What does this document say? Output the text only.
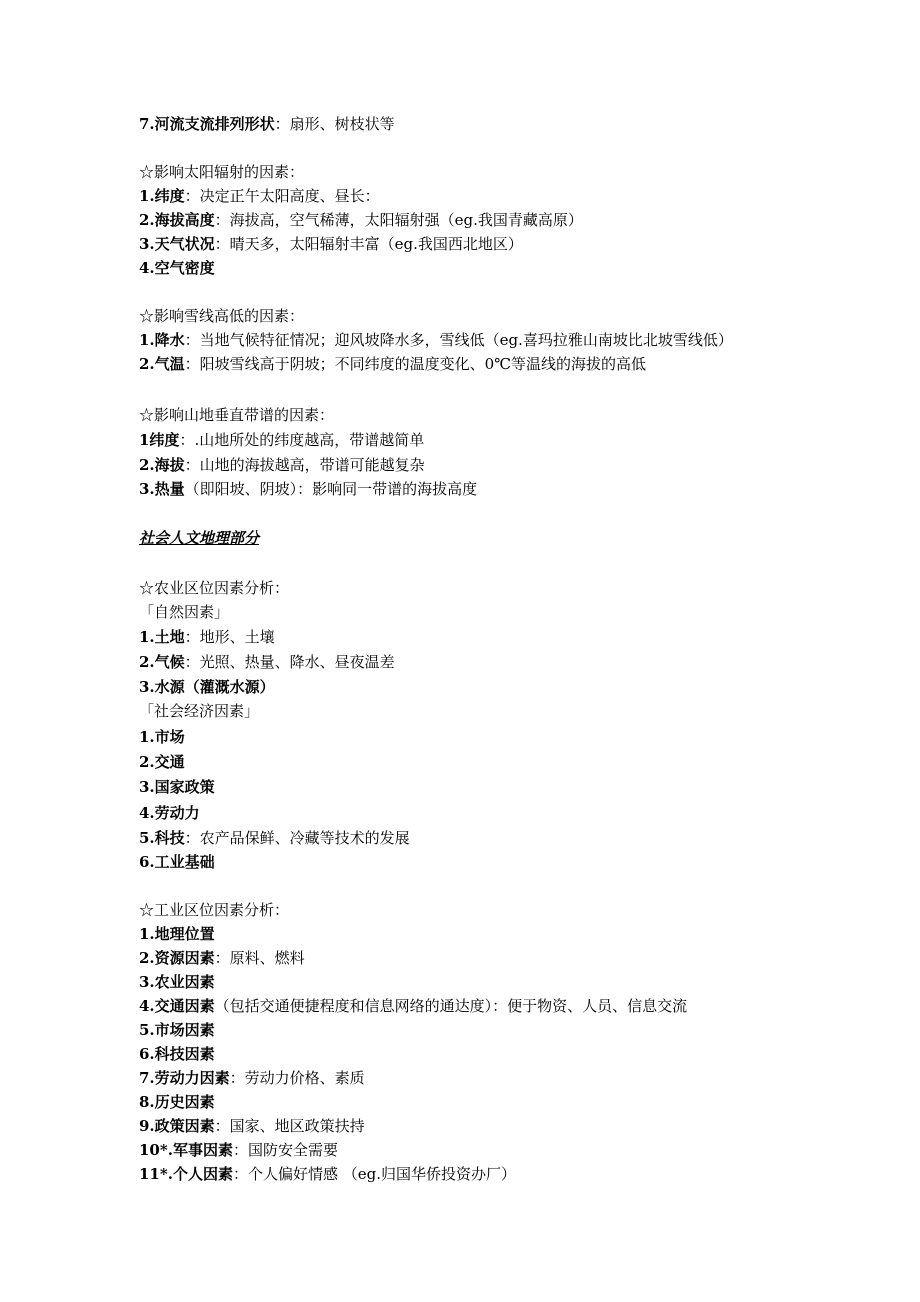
7.河流支流排列形状：扇形、树枝状等
☆影响太阳辐射的因素：
1.纬度：决定正午太阳高度、昼长：
2.海拔高度：海拔高，空气稀薄，太阳辐射强（eg.我国青藏高原）
3.天气状况：晴天多，太阳辐射丰富（eg.我国西北地区）
4.空气密度
☆影响雪线高低的因素：
1.降水：当地气候特征情况；迎风坡降水多，雪线低（eg.喜玛拉雅山南坡比北坡雪线低）
2.气温：阳坡雪线高于阴坡；不同纬度的温度变化、0℃等温线的海拔的高低
☆影响山地垂直带谱的因素：
1纬度：.山地所处的纬度越高，带谱越简单
2.海拔：山地的海拔越高，带谱可能越复杂
3.热量（即阳坡、阴坡）：影响同一带谱的海拔高度
社会人文地理部分
☆农业区位因素分析：
「自然因素」
1.土地：地形、土壤
2.气候：光照、热量、降水、昼夜温差
3.水源（灌溉水源）
「社会经济因素」
1.市场
2.交通
3.国家政策
4.劳动力
5.科技：农产品保鲜、冷藏等技术的发展
6.工业基础
☆工业区位因素分析：
1.地理位置
2.资源因素：原料、燃料
3.农业因素
4.交通因素（包括交通便捷程度和信息网络的通达度）：便于物资、人员、信息交流
5.市场因素
6.科技因素
7.劳动力因素：劳动力价格、素质
8.历史因素
9.政策因素：国家、地区政策扶持
10*.军事因素：国防安全需要
11*.个人因素：个人偏好情感 （eg.归国华侨投资办厂）
